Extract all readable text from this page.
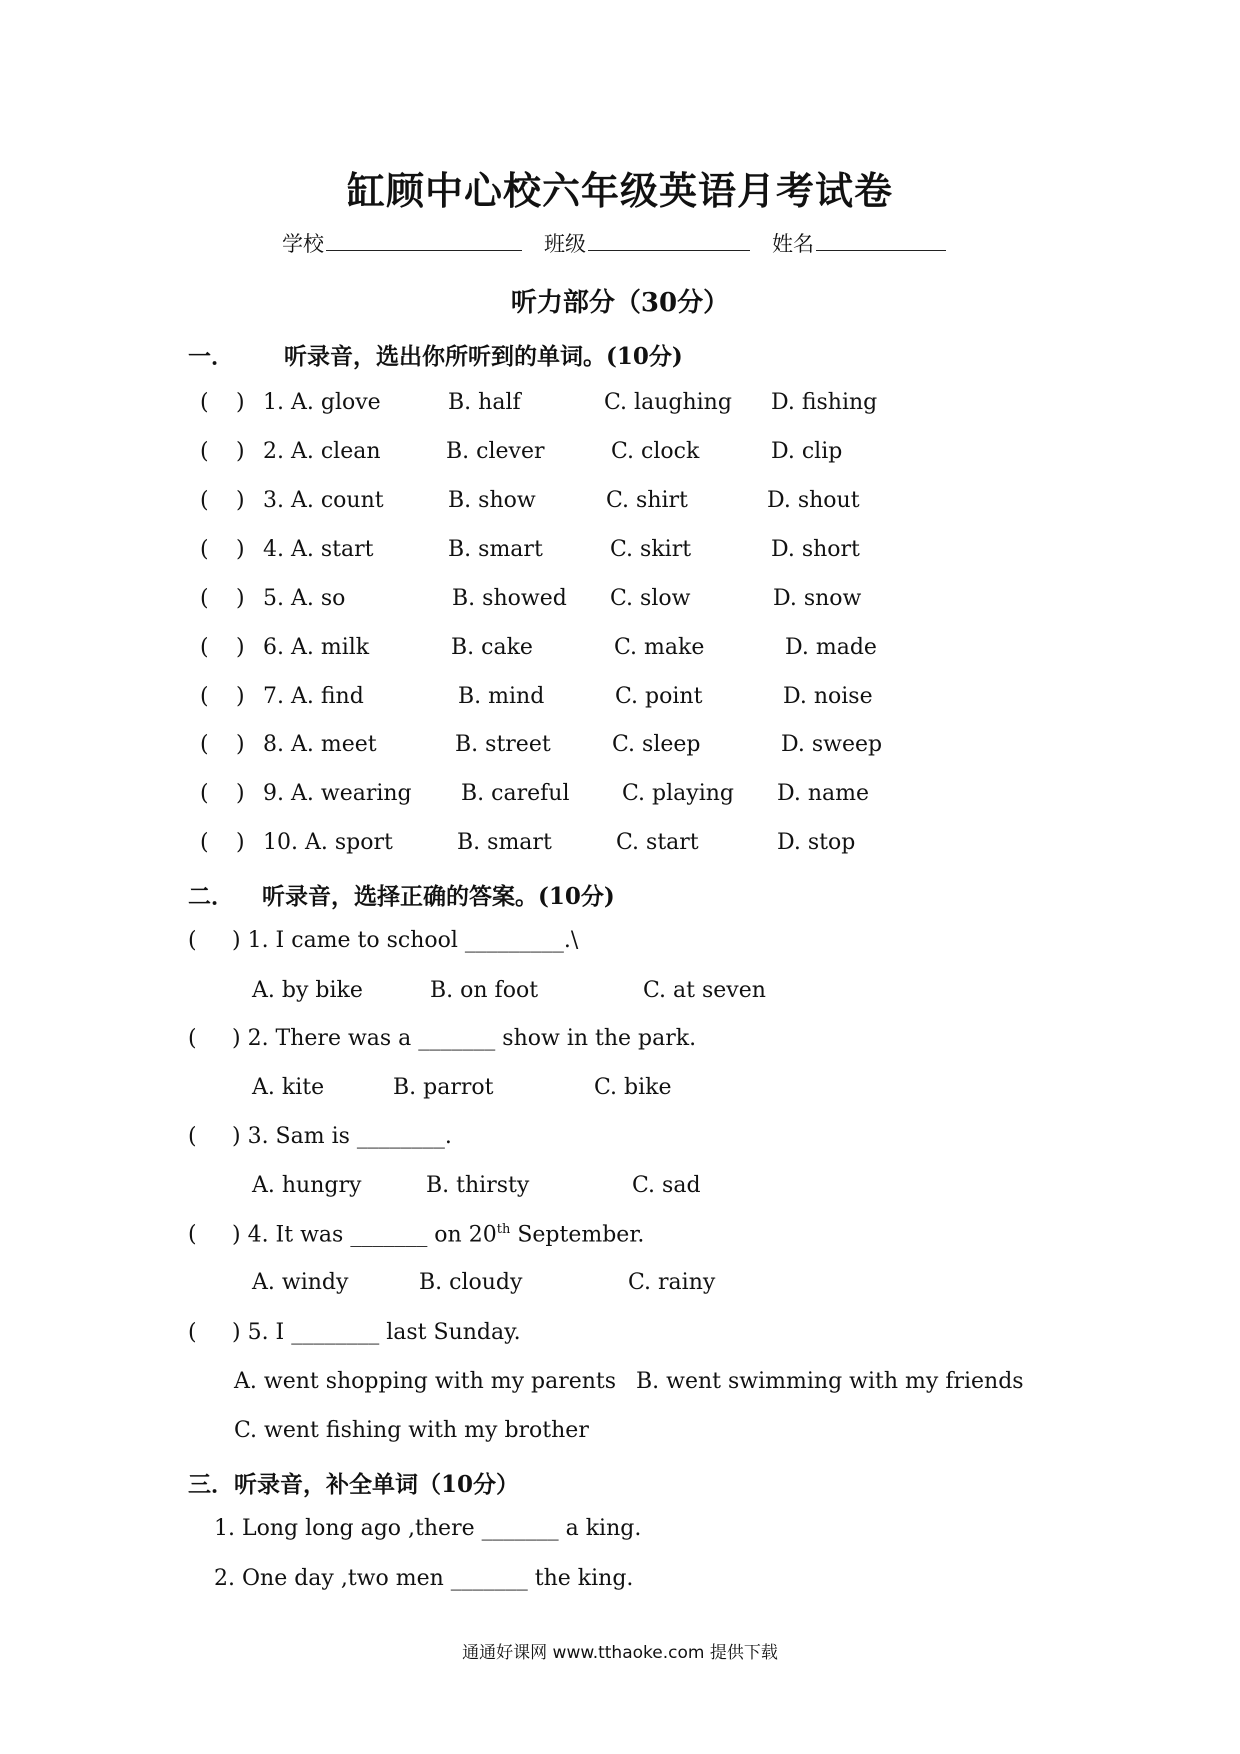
缸顾中心校六年级英语月考试卷
学校	班级	姓名
听力部分（30分）
一． 听录音，选出你所听到的单词。(10分)
( ) 1. A. glove	B. half	C. laughing D. fishing
( ) 2. A. clean	B. clever	C. clock	D. clip
( ) 3. A. count	B. show	C. shirt	D. shout
( ) 4. A. start	B. smart	C. skirt	D. short
( ) 5. A. so	B. showed C. slow	D. snow
( ) 6. A. milk	B. cake	C. make	D. made
( ) 7. A. find	B. mind	C. point	D. noise
( ) 8. A. meet	B. street	C. sleep	D. sweep
( ) 9. A. wearing B. careful C. playing D. name
( ) 10. A. sport	B. smart	C. start	D. stop
二． 听录音，选择正确的答案。(10分)
( ) 1. I came to school _________.\
A. by bike	B. on foot	C. at seven
( ) 2. There was a _______ show in the park.
A. kite	B. parrot	C. bike
( ) 3. Sam is ________.
A. hungry	B. thirsty	C. sad
( ) 4. It was _______ on 20th September.
A. windy	B. cloudy	C. rainy
( ) 5. I ________ last Sunday.
A. went shopping with my parents B. went swimming with my friends
C. went fishing with my brother
三．听录音，补全单词（10分）
1. Long long ago ,there _______ a king.
2. One day ,two men _______ the king.
通通好课网 www.tthaoke.com 提供下载
